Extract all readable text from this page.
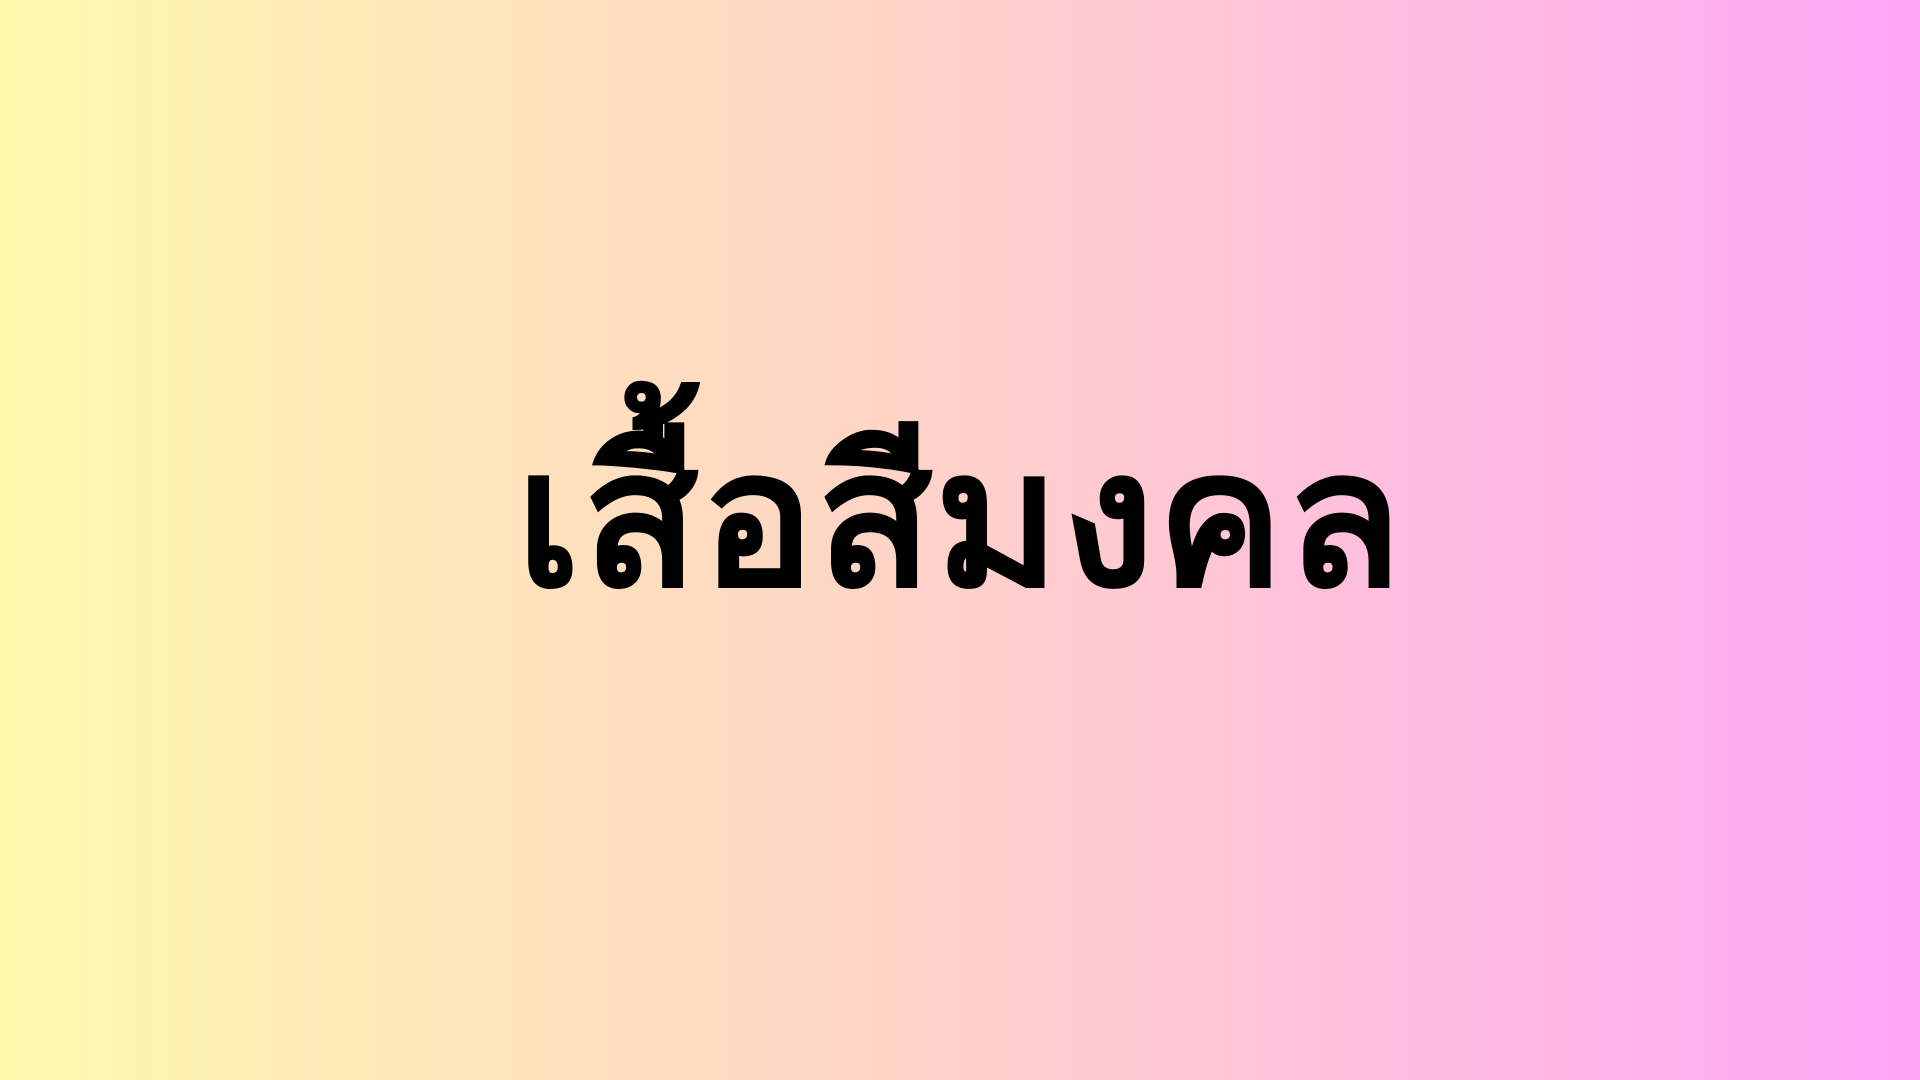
เสื้อสีมงคล
